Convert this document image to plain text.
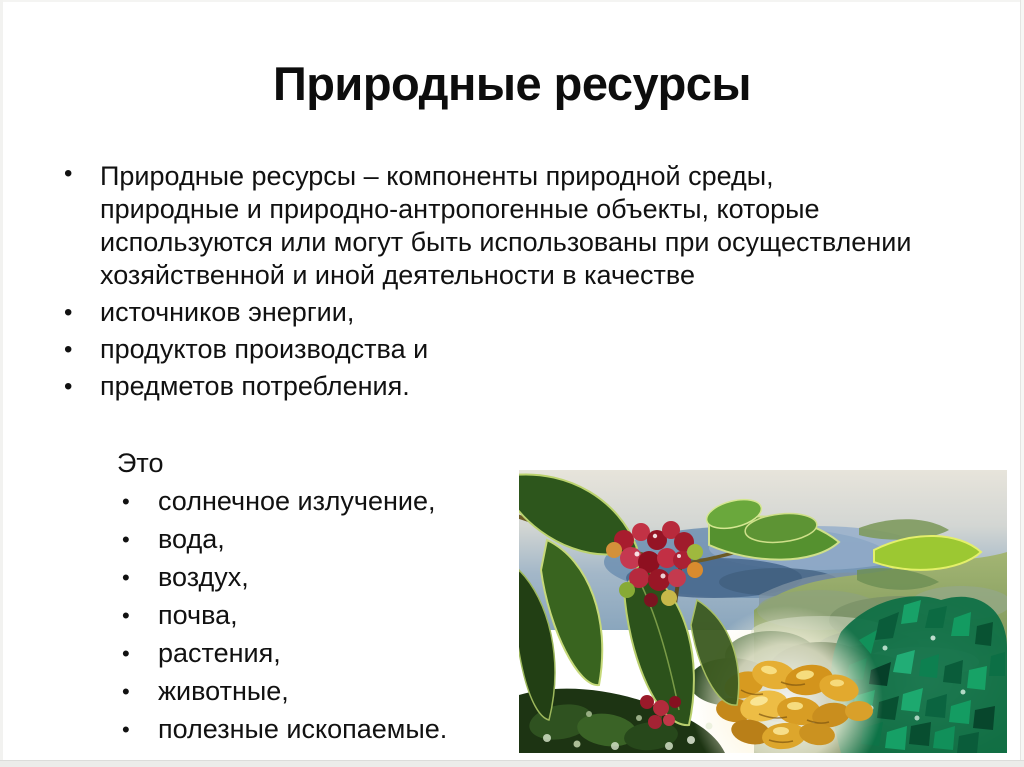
Природные ресурсы
• Природные ресурсы – компоненты природной среды,
природные и природно-антропогенные объекты, которые
используются или могут быть использованы при осуществлении
хозяйственной и иной деятельности в качестве
• источников энергии,
• продуктов производства и
• предметов потребления.
Это
• солнечное излучение,
• вода,
• воздух,
• почва,
• растения,
• животные,
• полезные ископаемые.
